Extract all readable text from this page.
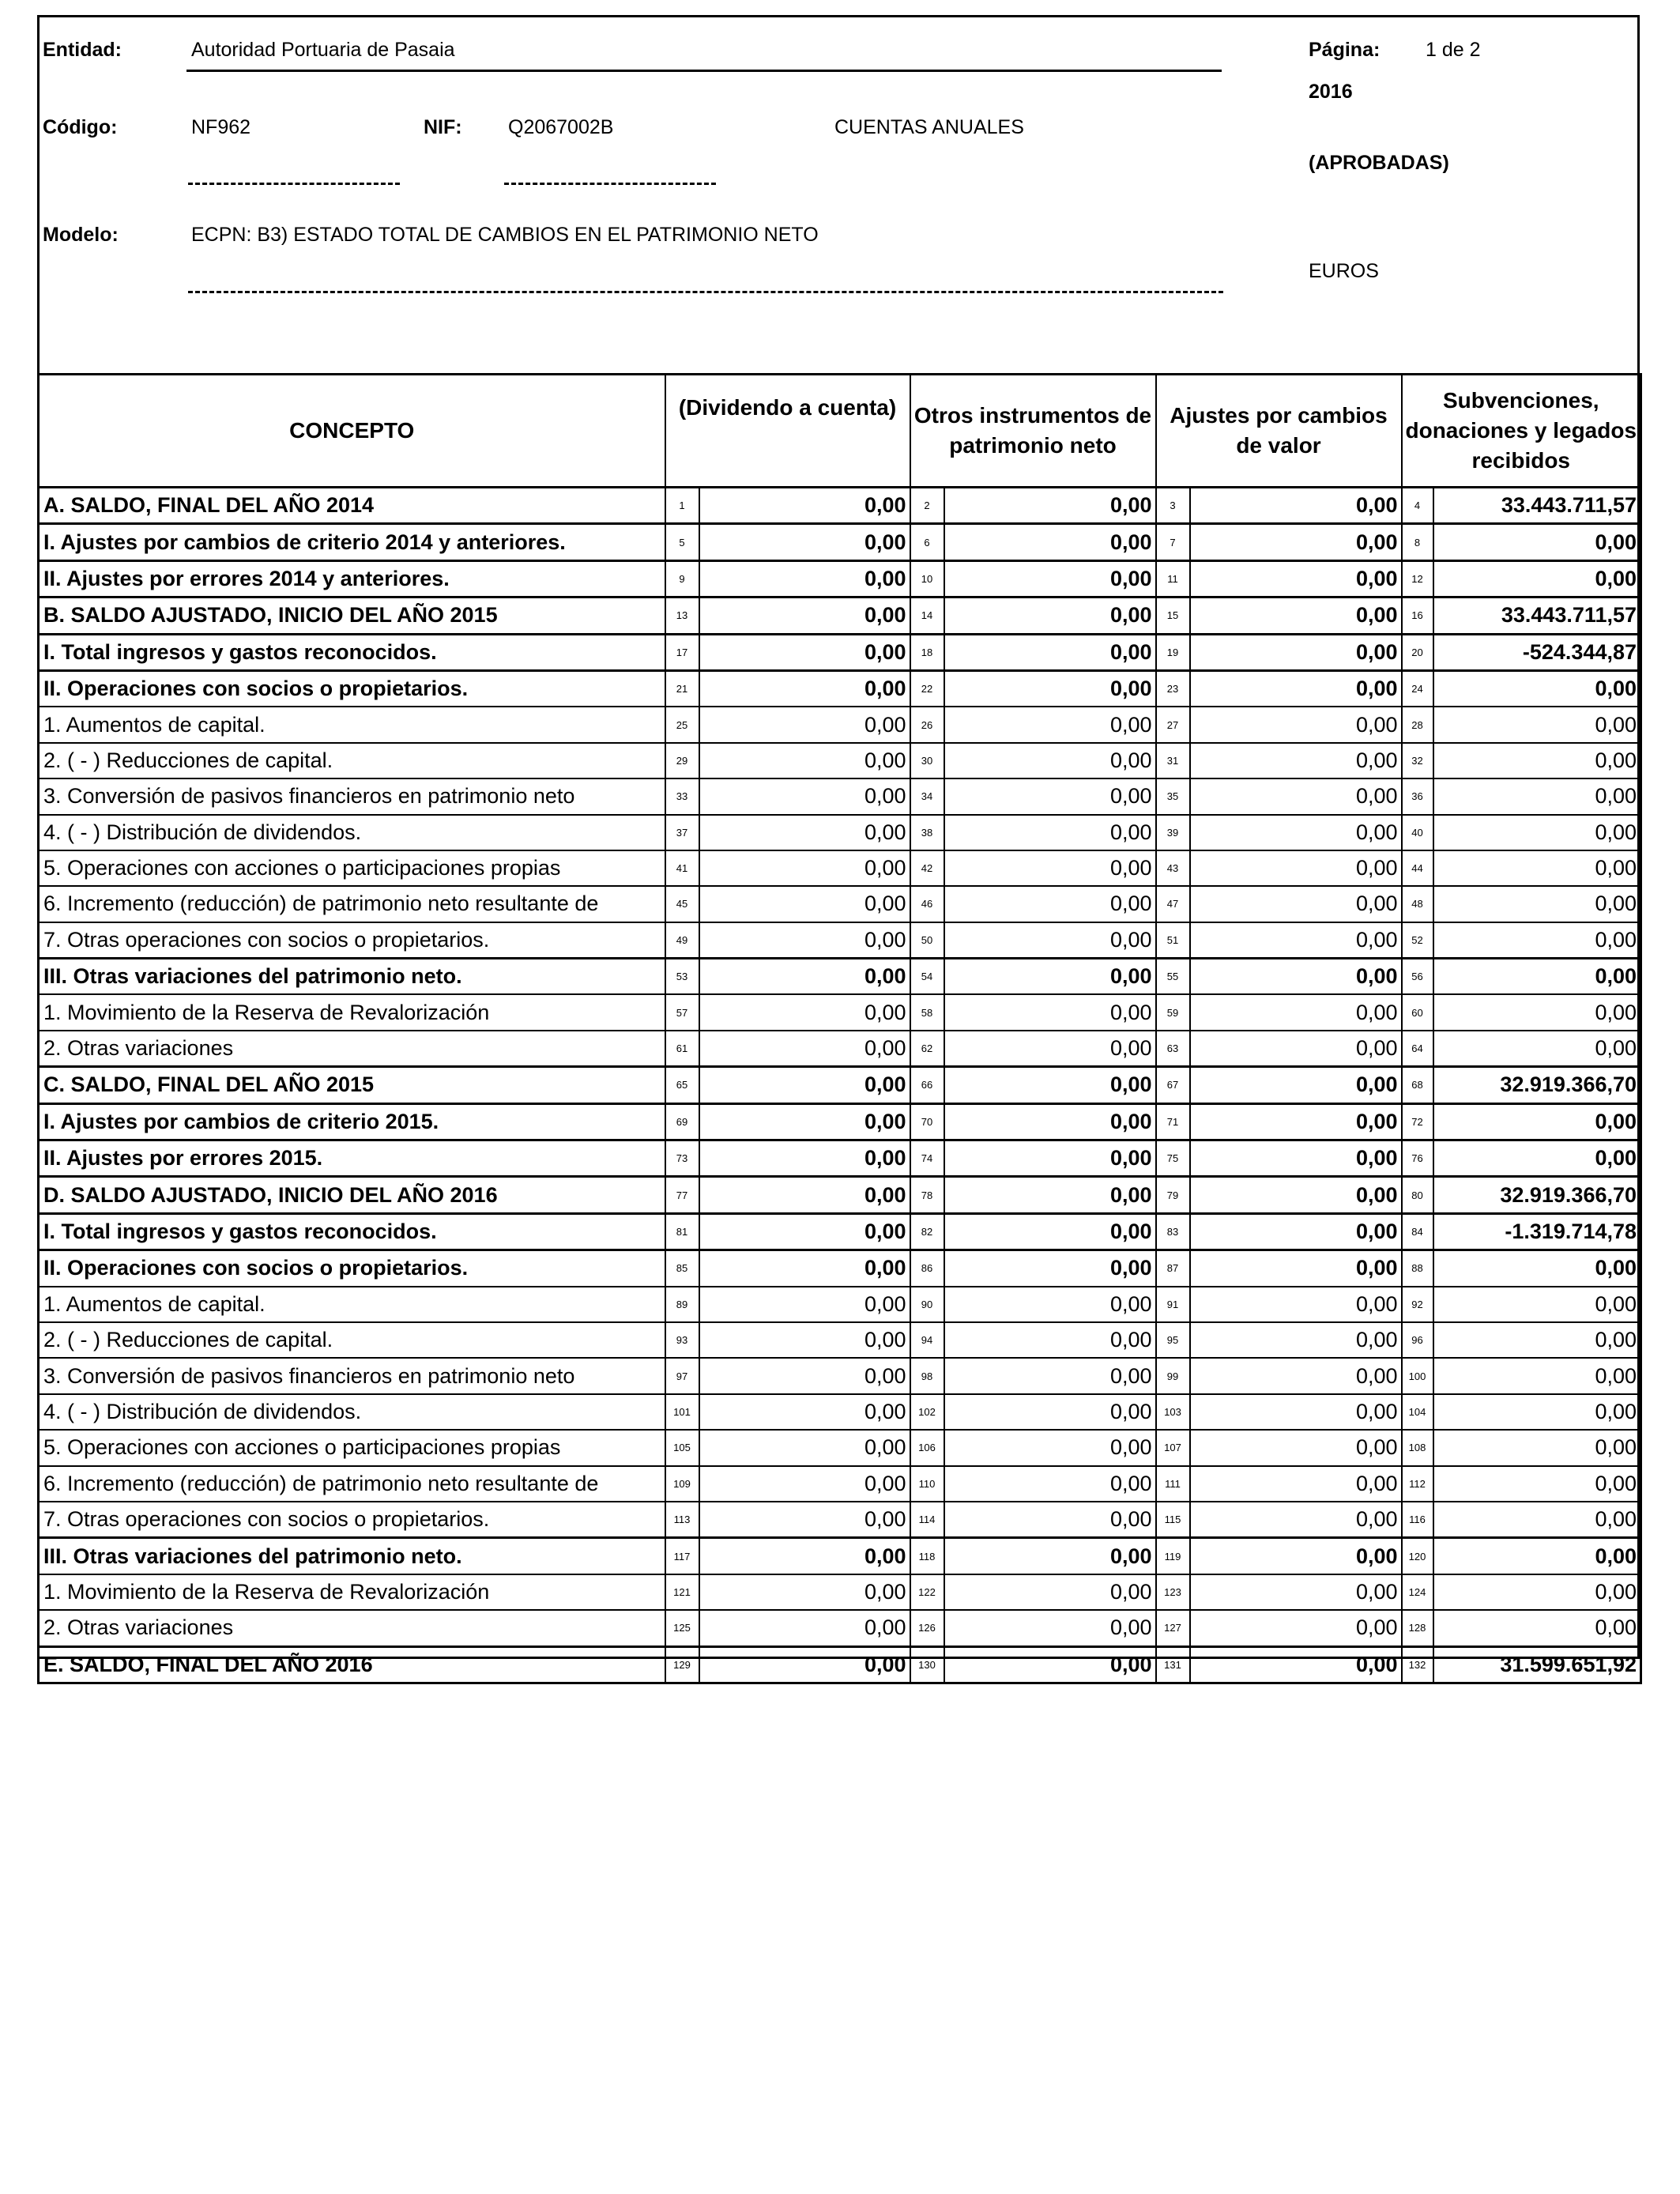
Entidad:	Autoridad Portuaria de Pasaia	Página: 1 de 2
2016
Código:	NF962	NIF: Q2067002B	CUENTAS ANUALES
(APROBADAS)
Modelo:	ECPN: B3) ESTADO TOTAL DE CAMBIOS EN EL PATRIMONIO NETO
EUROS
CONCEPTO	(Dividendo a cuenta)		Otros instrumentos de patrimonio neto		Ajustes por cambios de valor		Subvenciones, donaciones y legados recibidos	
A. SALDO, FINAL DEL AÑO 2014	1	0,00	2	0,00	3	0,00	4	33.443.711,57
I. Ajustes por cambios de criterio 2014 y anteriores.	5	0,00	6	0,00	7	0,00	8	0,00
II. Ajustes por errores 2014 y anteriores.	9	0,00	10	0,00	11	0,00	12	0,00
B. SALDO AJUSTADO, INICIO DEL AÑO 2015	13	0,00	14	0,00	15	0,00	16	33.443.711,57
I. Total ingresos y gastos reconocidos.	17	0,00	18	0,00	19	0,00	20	-524.344,87
II. Operaciones con socios o propietarios.	21	0,00	22	0,00	23	0,00	24	0,00
1. Aumentos de capital.	25	0,00	26	0,00	27	0,00	28	0,00
2. ( - ) Reducciones de capital.	29	0,00	30	0,00	31	0,00	32	0,00
3. Conversión de pasivos financieros en patrimonio neto	33	0,00	34	0,00	35	0,00	36	0,00
4. ( - ) Distribución de dividendos.	37	0,00	38	0,00	39	0,00	40	0,00
5. Operaciones con acciones o participaciones propias	41	0,00	42	0,00	43	0,00	44	0,00
6. Incremento (reducción) de patrimonio neto resultante de	45	0,00	46	0,00	47	0,00	48	0,00
7. Otras operaciones con socios o propietarios.	49	0,00	50	0,00	51	0,00	52	0,00
III. Otras variaciones del patrimonio neto.	53	0,00	54	0,00	55	0,00	56	0,00
1. Movimiento de la Reserva de Revalorización	57	0,00	58	0,00	59	0,00	60	0,00
2. Otras variaciones	61	0,00	62	0,00	63	0,00	64	0,00
C. SALDO, FINAL DEL AÑO 2015	65	0,00	66	0,00	67	0,00	68	32.919.366,70
I. Ajustes por cambios de criterio 2015.	69	0,00	70	0,00	71	0,00	72	0,00
II. Ajustes por errores 2015.	73	0,00	74	0,00	75	0,00	76	0,00
D. SALDO AJUSTADO, INICIO DEL AÑO 2016	77	0,00	78	0,00	79	0,00	80	32.919.366,70
I. Total ingresos y gastos reconocidos.	81	0,00	82	0,00	83	0,00	84	-1.319.714,78
II. Operaciones con socios o propietarios.	85	0,00	86	0,00	87	0,00	88	0,00
1. Aumentos de capital.	89	0,00	90	0,00	91	0,00	92	0,00
2. ( - ) Reducciones de capital.	93	0,00	94	0,00	95	0,00	96	0,00
3. Conversión de pasivos financieros en patrimonio neto	97	0,00	98	0,00	99	0,00	100	0,00
4. ( - ) Distribución de dividendos.	101	0,00	102	0,00	103	0,00	104	0,00
5. Operaciones con acciones o participaciones propias	105	0,00	106	0,00	107	0,00	108	0,00
6. Incremento (reducción) de patrimonio neto resultante de	109	0,00	110	0,00	111	0,00	112	0,00
7. Otras operaciones con socios o propietarios.	113	0,00	114	0,00	115	0,00	116	0,00
III. Otras variaciones del patrimonio neto.	117	0,00	118	0,00	119	0,00	120	0,00
1. Movimiento de la Reserva de Revalorización	121	0,00	122	0,00	123	0,00	124	0,00
2. Otras variaciones	125	0,00	126	0,00	127	0,00	128	0,00
E. SALDO, FINAL DEL AÑO 2016	129	0,00	130	0,00	131	0,00	132	31.599.651,92
